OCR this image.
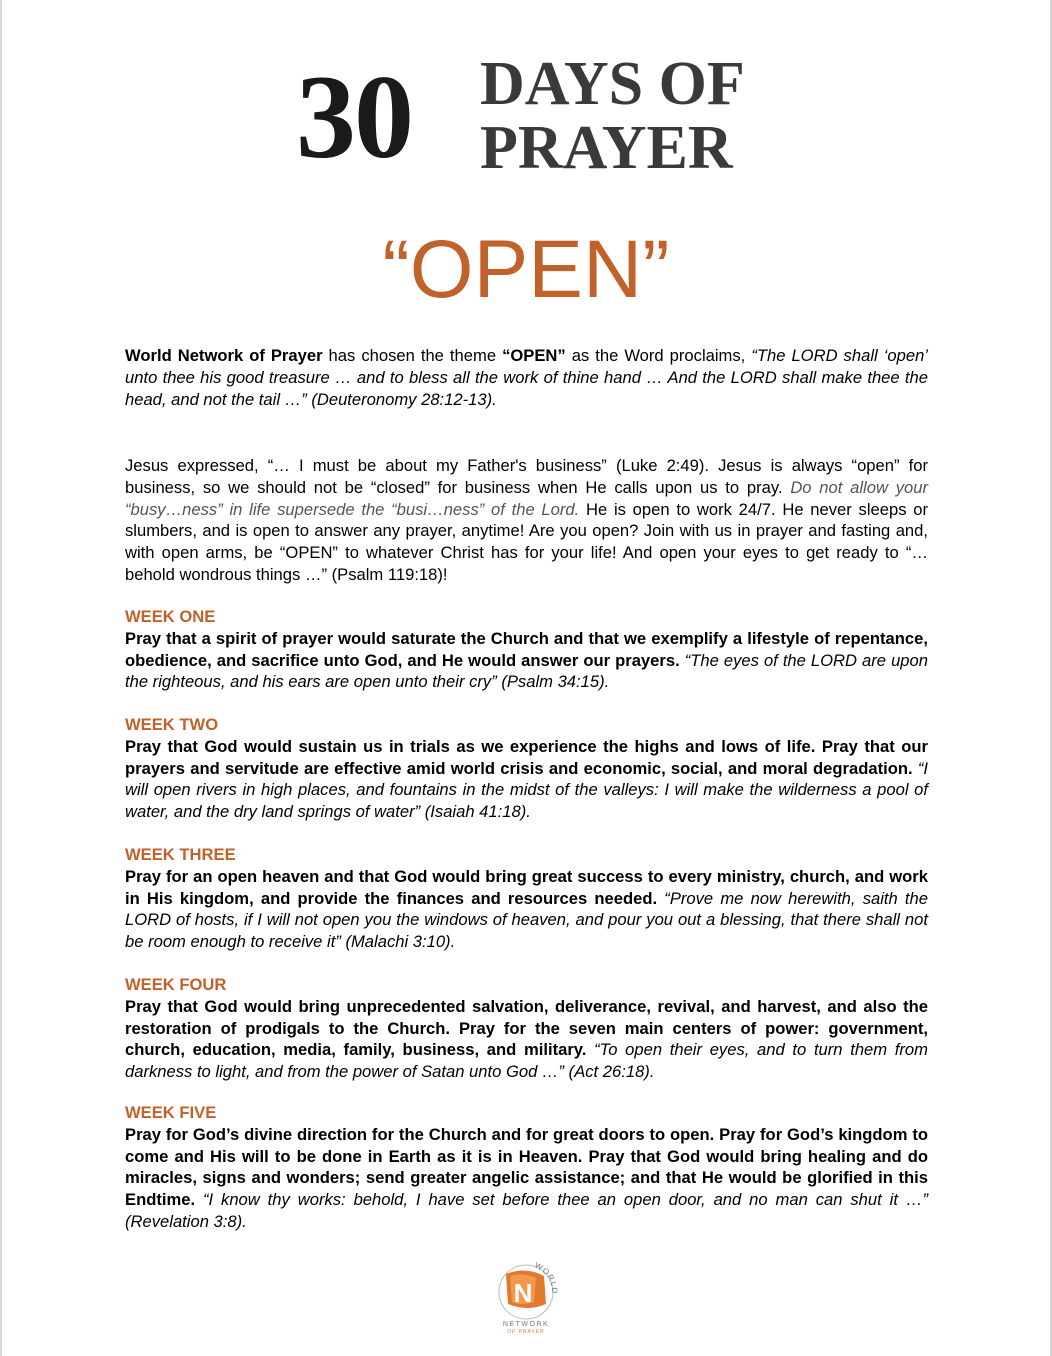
30 DAYS OF
PRAYER
“OPEN”

World Network of Prayer has chosen the theme “OPEN” as the Word proclaims, “The LORD shall ‘open’ unto thee his good treasure … and to bless all the work of thine hand … And the LORD shall make thee the head, and not the tail …” (Deuteronomy 28:12-13).

Jesus expressed, “… I must be about my Father's business” (Luke 2:49). Jesus is always “open” for business, so we should not be “closed” for business when He calls upon us to pray. Do not allow your “busy…ness” in life supersede the “busi…ness” of the Lord. He is open to work 24/7. He never sleeps or slumbers, and is open to answer any prayer, anytime! Are you open? Join with us in prayer and fasting and, with open arms, be “OPEN” to whatever Christ has for your life! And open your eyes to get ready to “… behold wondrous things …” (Psalm 119:18)!

WEEK ONE
Pray that a spirit of prayer would saturate the Church and that we exemplify a lifestyle of repentance, obedience, and sacrifice unto God, and He would answer our prayers. “The eyes of the LORD are upon the righteous, and his ears are open unto their cry” (Psalm 34:15).
WEEK TWO
Pray that God would sustain us in trials as we experience the highs and lows of life. Pray that our prayers and servitude are effective amid world crisis and economic, social, and moral degradation. “I will open rivers in high places, and fountains in the midst of the valleys: I will make the wilderness a pool of water, and the dry land springs of water” (Isaiah 41:18).
WEEK THREE
Pray for an open heaven and that God would bring great success to every ministry, church, and work in His kingdom, and provide the finances and resources needed. “Prove me now herewith, saith the LORD of hosts, if I will not open you the windows of heaven, and pour you out a blessing, that there shall not be room enough to receive it” (Malachi 3:10).
WEEK FOUR
Pray that God would bring unprecedented salvation, deliverance, revival, and harvest, and also the restoration of prodigals to the Church. Pray for the seven main centers of power: government, church, education, media, family, business, and military. “To open their eyes, and to turn them from darkness to light, and from the power of Satan unto God …” (Act 26:18).
WEEK FIVE
Pray for God’s divine direction for the Church and for great doors to open. Pray for God’s kingdom to come and His will to be done in Earth as it is in Heaven. Pray that God would bring healing and do miracles, signs and wonders; send greater angelic assistance; and that He would be glorified in this Endtime. “I know thy works: behold, I have set before thee an open door, and no man can shut it …” (Revelation 3:8).
N
WORLD
NETWORK
OF PRAYER
